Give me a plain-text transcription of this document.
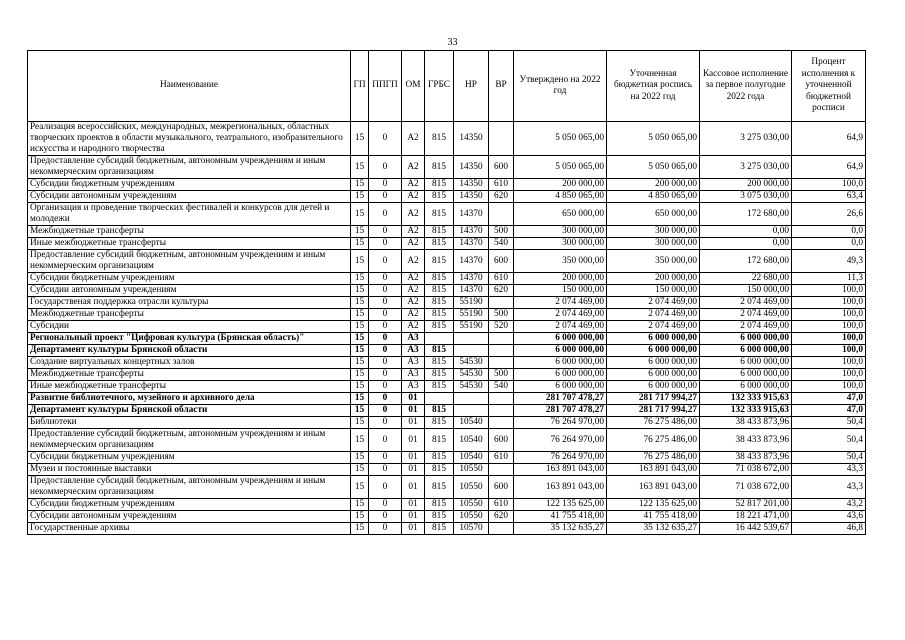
33
Наименование	ГП	ППГП	ОМ	ГРБС	НР	ВР	Утверждено на 2022 год	Уточненная бюджетная роспись на 2022 год	Кассовое исполнение за первое полугодие 2022 года	Процент исполнения к уточненной бюджетной росписи
Реализация всероссийских, международных, межрегиональных, областных творческих проектов в области музыкального, театрального, изобразительного искусства и народного творчества	15	0	А2	815	14350		5 050 065,00	5 050 065,00	3 275 030,00	64,9
Предоставление субсидий бюджетным, автономным учреждениям и иным некоммерческим организациям	15	0	А2	815	14350	600	5 050 065,00	5 050 065,00	3 275 030,00	64,9
Субсидии бюджетным учреждениям	15	0	А2	815	14350	610	200 000,00	200 000,00	200 000,00	100,0
Субсидии автономным учреждениям	15	0	А2	815	14350	620	4 850 065,00	4 850 065,00	3 075 030,00	63,4
Организация и проведение творческих фестивалей и конкурсов для детей и молодежи	15	0	А2	815	14370		650 000,00	650 000,00	172 680,00	26,6
Межбюджетные трансферты	15	0	А2	815	14370	500	300 000,00	300 000,00	0,00	0,0
Иные межбюджетные трансферты	15	0	А2	815	14370	540	300 000,00	300 000,00	0,00	0,0
Предоставление субсидий бюджетным, автономным учреждениям и иным некоммерческим организациям	15	0	А2	815	14370	600	350 000,00	350 000,00	172 680,00	49,3
Субсидии бюджетным учреждениям	15	0	А2	815	14370	610	200 000,00	200 000,00	22 680,00	11,3
Субсидии автономным учреждениям	15	0	А2	815	14370	620	150 000,00	150 000,00	150 000,00	100,0
Государственая поддержка отрасли культуры	15	0	А2	815	55190		2 074 469,00	2 074 469,00	2 074 469,00	100,0
Межбюджетные трансферты	15	0	А2	815	55190	500	2 074 469,00	2 074 469,00	2 074 469,00	100,0
Субсидии	15	0	А2	815	55190	520	2 074 469,00	2 074 469,00	2 074 469,00	100,0
Региональный проект "Цифровая культура (Брянская область)"	15	0	А3				6 000 000,00	6 000 000,00	6 000 000,00	100,0
Департамент культуры Брянской области	15	0	А3	815			6 000 000,00	6 000 000,00	6 000 000,00	100,0
Создание виртуальных концертных залов	15	0	А3	815	54530		6 000 000,00	6 000 000,00	6 000 000,00	100,0
Межбюджетные трансферты	15	0	А3	815	54530	500	6 000 000,00	6 000 000,00	6 000 000,00	100,0
Иные межбюджетные трансферты	15	0	А3	815	54530	540	6 000 000,00	6 000 000,00	6 000 000,00	100,0
Развитие библиотечного, музейного и архивного дела	15	0	01				281 707 478,27	281 717 994,27	132 333 915,63	47,0
Департамент культуры Брянской области	15	0	01	815			281 707 478,27	281 717 994,27	132 333 915,63	47,0
Библиотеки	15	0	01	815	10540		76 264 970,00	76 275 486,00	38 433 873,96	50,4
Предоставление субсидий бюджетным, автономным учреждениям и иным некоммерческим организациям	15	0	01	815	10540	600	76 264 970,00	76 275 486,00	38 433 873,96	50,4
Субсидии бюджетным учреждениям	15	0	01	815	10540	610	76 264 970,00	76 275 486,00	38 433 873,96	50,4
Музеи и постоянные выставки	15	0	01	815	10550		163 891 043,00	163 891 043,00	71 038 672,00	43,3
Предоставление субсидий бюджетным, автономным учреждениям и иным некоммерческим организациям	15	0	01	815	10550	600	163 891 043,00	163 891 043,00	71 038 672,00	43,3
Субсидии бюджетным учреждениям	15	0	01	815	10550	610	122 135 625,00	122 135 625,00	52 817 201,00	43,2
Субсидии автономным учреждениям	15	0	01	815	10550	620	41 755 418,00	41 755 418,00	18 221 471,00	43,6
Государственные архивы	15	0	01	815	10570		35 132 635,27	35 132 635,27	16 442 539,67	46,8
